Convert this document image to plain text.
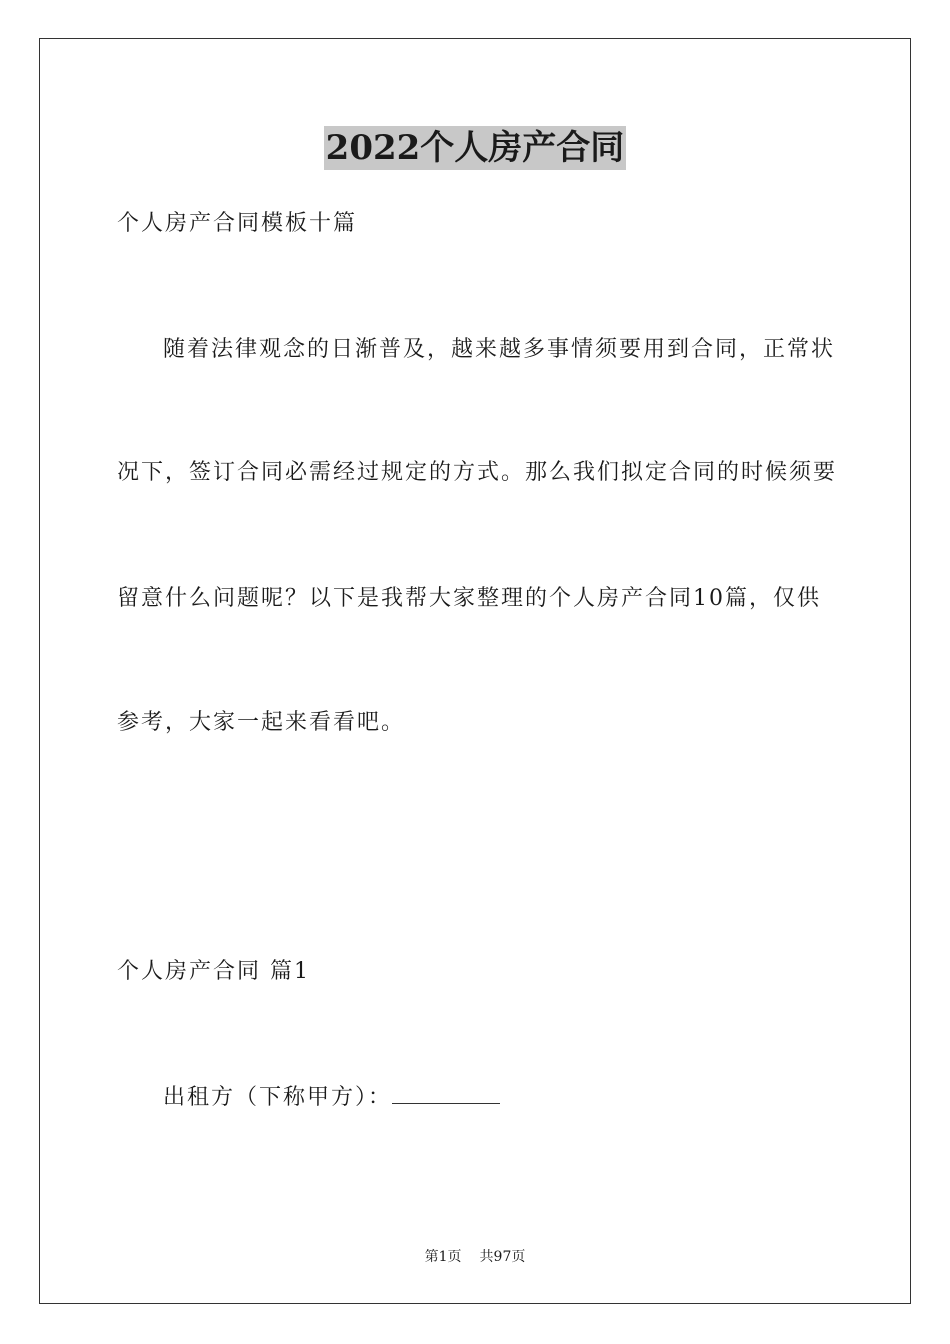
2022个人房产合同

个人房产合同模板十篇

随着法律观念的日渐普及，越来越多事情须要用到合同，正常状

况下，签订合同必需经过规定的方式。那么我们拟定合同的时候须要

留意什么问题呢？以下是我帮大家整理的个人房产合同10篇，仅供

参考，大家一起来看看吧。

个人房产合同 篇1

出租方（下称甲方）：

第1页 共97页
